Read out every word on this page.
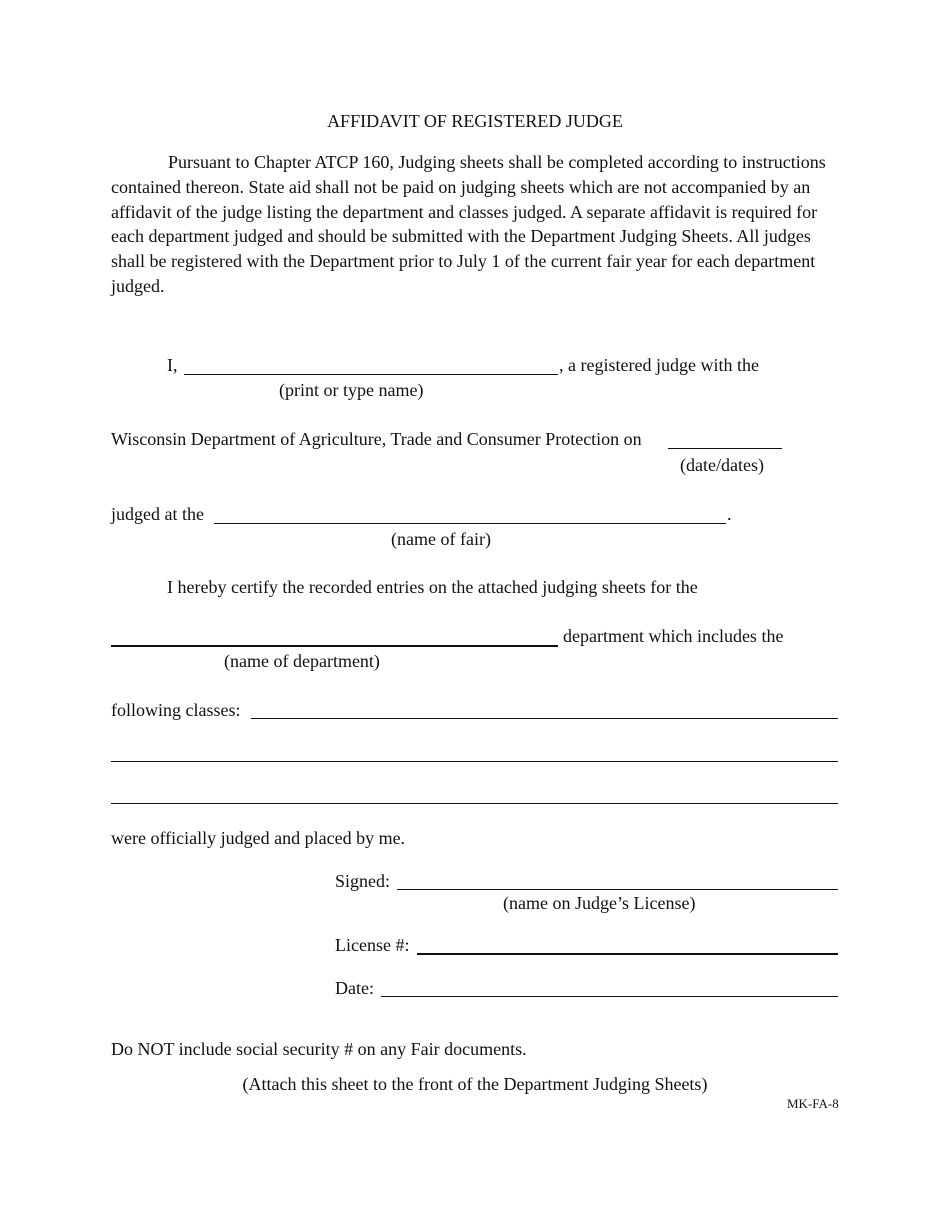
AFFIDAVIT OF REGISTERED JUDGE

Pursuant to Chapter ATCP 160, Judging sheets shall be completed according to instructions contained thereon. State aid shall not be paid on judging sheets which are not accompanied by an affidavit of the judge listing the department and classes judged. A separate affidavit is required for each department judged and should be submitted with the Department Judging Sheets. All judges shall be registered with the Department prior to July 1 of the current fair year for each department judged.

I,	, a registered judge with the
(print or type name)
Wisconsin Department of Agriculture, Trade and Consumer Protection on
(date/dates)
judged at the	.
(name of fair)
I hereby certify the recorded entries on the attached judging sheets for the
department which includes the
(name of department)
following classes:
were officially judged and placed by me.
Signed:
(name on Judge’s License)
License #:
Date:
Do NOT include social security # on any Fair documents.
(Attach this sheet to the front of the Department Judging Sheets)
MK-FA-8
